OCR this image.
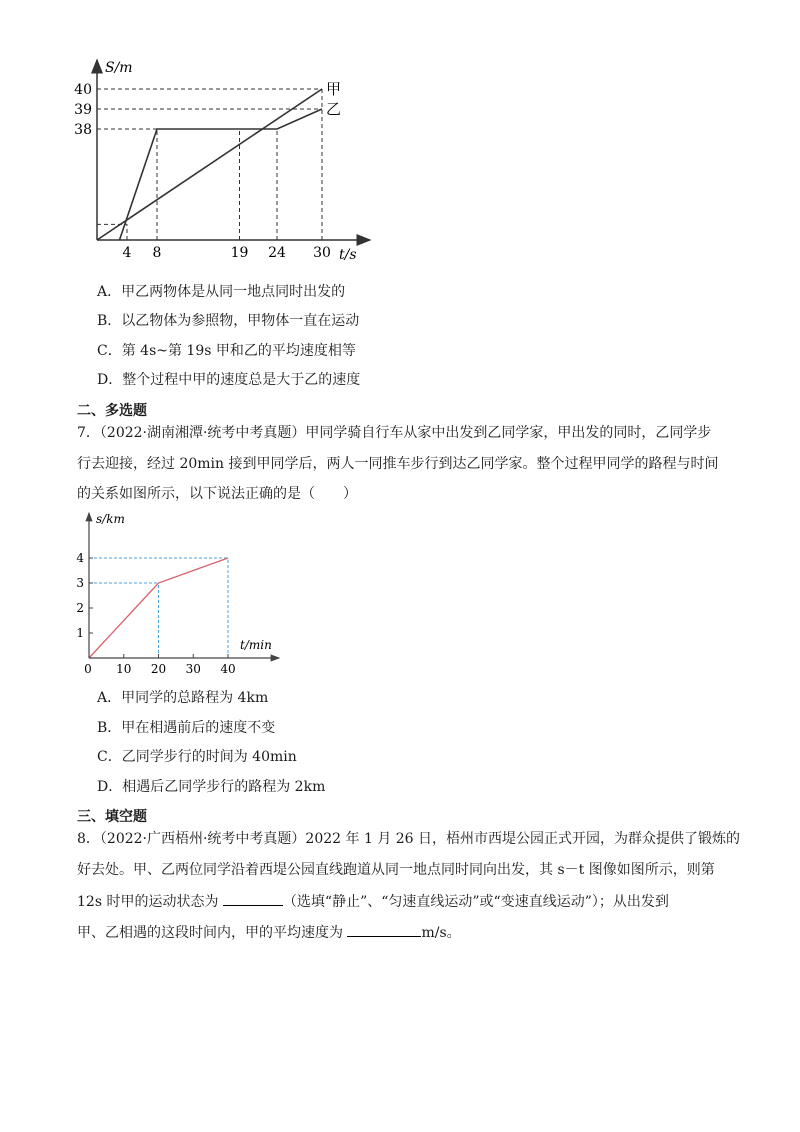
S/m
t/s
4 8	19 24 30
38
39
40	甲
乙
A．甲乙两物体是从同一地点同时出发的
B．以乙物体为参照物，甲物体一直在运动
C．第 4s~第 19s 甲和乙的平均速度相等
D．整个过程中甲的速度总是大于乙的速度
二、多选题
7．（2022·湖南湘潭·统考中考真题）甲同学骑自行车从家中出发到乙同学家，甲出发的同时，乙同学步
行去迎接，经过 20min 接到甲同学后，两人一同推车步行到达乙同学家。整个过程甲同学的路程与时间
的关系如图所示，以下说法正确的是（　　）
s/km
t/min
0 10 20 30 40
1
2
3
4
A．甲同学的总路程为 4km
B．甲在相遇前后的速度不变
C．乙同学步行的时间为 40min
D．相遇后乙同学步行的路程为 2km
三、填空题
8．（2022·广西梧州·统考中考真题）2022 年 1 月 26 日，梧州市西堤公园正式开园，为群众提供了锻炼的
好去处。甲、乙两位同学沿着西堤公园直线跑道从同一地点同时同向出发，其 s－t 图像如图所示，则第
12s 时甲的运动状态为	（选填“静止”、“匀速直线运动”或“变速直线运动”）；从出发到
甲、乙相遇的这段时间内，甲的平均速度为	m/s。
